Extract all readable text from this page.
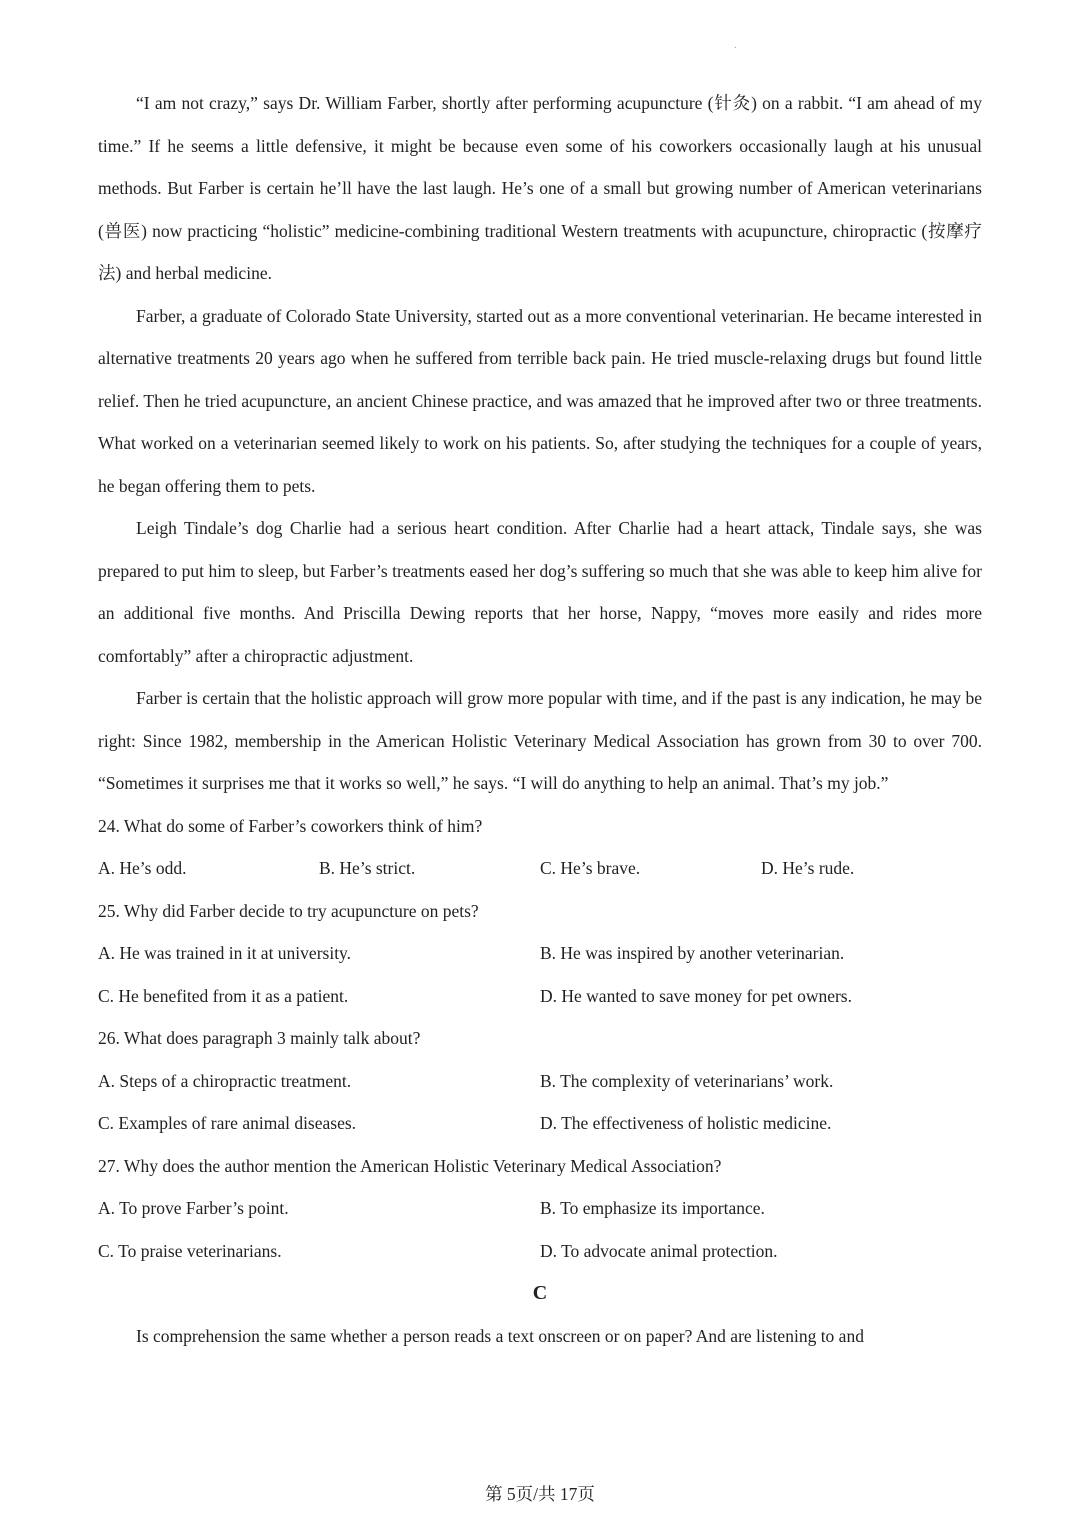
.

“I am not crazy,” says Dr. William Farber, shortly after performing acupuncture (针灸) on a rabbit. “I am ahead of my time.” If he seems a little defensive, it might be because even some of his coworkers occasionally laugh at his unusual methods. But Farber is certain he’ll have the last laugh. He’s one of a small but growing number of American veterinarians (兽医) now practicing “holistic” medicine-combining traditional Western treatments with acupuncture, chiropractic (按摩疗法) and herbal medicine.

Farber, a graduate of Colorado State University, started out as a more conventional veterinarian. He became interested in alternative treatments 20 years ago when he suffered from terrible back pain. He tried muscle-relaxing drugs but found little relief. Then he tried acupuncture, an ancient Chinese practice, and was amazed that he improved after two or three treatments. What worked on a veterinarian seemed likely to work on his patients. So, after studying the techniques for a couple of years, he began offering them to pets.

Leigh Tindale’s dog Charlie had a serious heart condition. After Charlie had a heart attack, Tindale says, she was prepared to put him to sleep, but Farber’s treatments eased her dog’s suffering so much that she was able to keep him alive for an additional five months. And Priscilla Dewing reports that her horse, Nappy, “moves more easily and rides more comfortably” after a chiropractic adjustment.

Farber is certain that the holistic approach will grow more popular with time, and if the past is any indication, he may be right: Since 1982, membership in the American Holistic Veterinary Medical Association has grown from 30 to over 700. “Sometimes it surprises me that it works so well,” he says. “I will do anything to help an animal. That’s my job.”

24. What do some of Farber’s coworkers think of him?

A. He’s odd.	B. He’s strict.	C. He’s brave.	D. He’s rude.

25. Why did Farber decide to try acupuncture on pets?

A. He was trained in it at university.	B. He was inspired by another veterinarian.
C. He benefited from it as a patient.	D. He wanted to save money for pet owners.

26. What does paragraph 3 mainly talk about?

A. Steps of a chiropractic treatment.	B. The complexity of veterinarians’ work.
C. Examples of rare animal diseases.	D. The effectiveness of holistic medicine.

27. Why does the author mention the American Holistic Veterinary Medical Association?

A. To prove Farber’s point.	B. To emphasize its importance.
C. To praise veterinarians.	D. To advocate animal protection.

C

Is comprehension the same whether a person reads a text onscreen or on paper? And are listening to and

第 5页/共 17页
